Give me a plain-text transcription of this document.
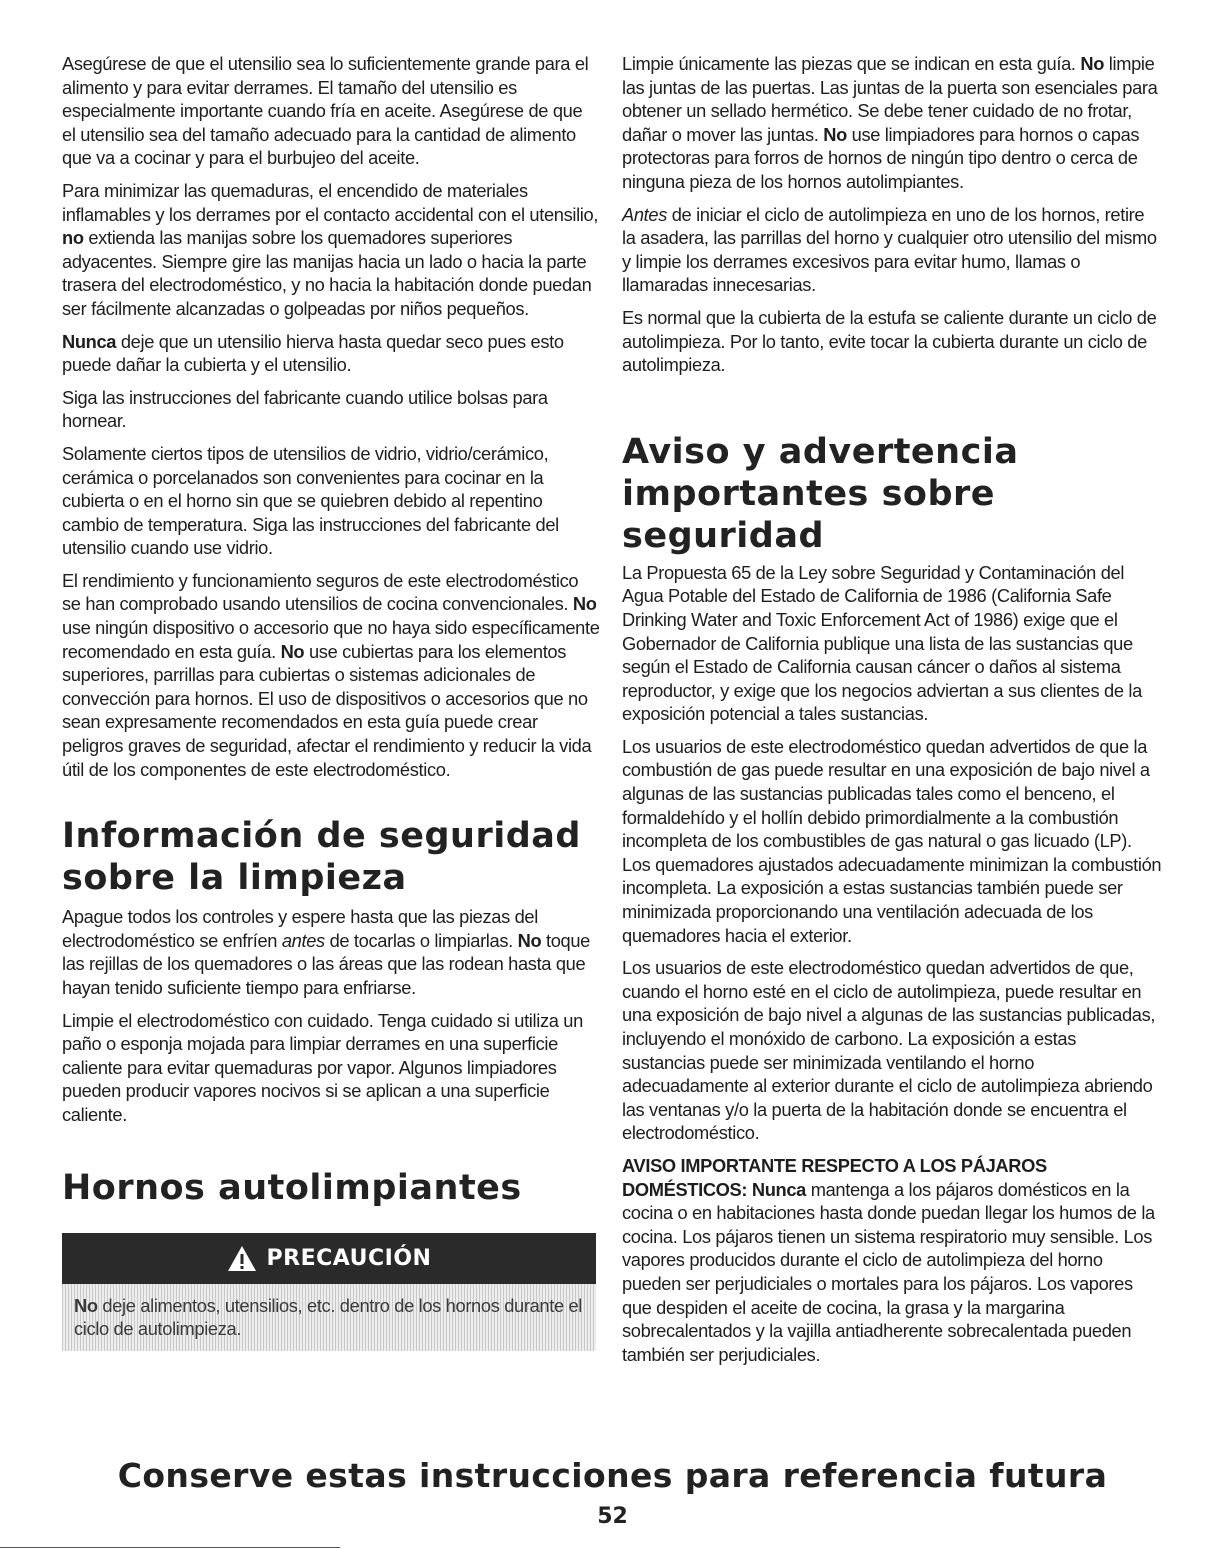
Asegúrese de que el utensilio sea lo suficientemente grande para el alimento y para evitar derrames. El tamaño del utensilio es especialmente importante cuando fría en aceite. Asegúrese de que el utensilio sea del tamaño adecuado para la cantidad de alimento que va a cocinar y para el burbujeo del aceite.

Para minimizar las quemaduras, el encendido de materiales inflamables y los derrames por el contacto accidental con el utensilio, no extienda las manijas sobre los quemadores superiores adyacentes. Siempre gire las manijas hacia un lado o hacia la parte trasera del electrodoméstico, y no hacia la habitación donde puedan ser fácilmente alcanzadas o golpeadas por niños pequeños.

Nunca deje que un utensilio hierva hasta quedar seco pues esto puede dañar la cubierta y el utensilio.

Siga las instrucciones del fabricante cuando utilice bolsas para hornear.

Solamente ciertos tipos de utensilios de vidrio, vidrio/cerámico, cerámica o porcelanados son convenientes para cocinar en la cubierta o en el horno sin que se quiebren debido al repentino cambio de temperatura. Siga las instrucciones del fabricante del utensilio cuando use vidrio.

El rendimiento y funcionamiento seguros de este electrodoméstico se han comprobado usando utensilios de cocina convencionales. No use ningún dispositivo o accesorio que no haya sido específicamente recomendado en esta guía. No use cubiertas para los elementos superiores, parrillas para cubiertas o sistemas adicionales de convección para hornos. El uso de dispositivos o accesorios que no sean expresamente recomendados en esta guía puede crear peligros graves de seguridad, afectar el rendimiento y reducir la vida útil de los componentes de este electrodoméstico.

Información de seguridad sobre la limpieza

Apague todos los controles y espere hasta que las piezas del electrodoméstico se enfríen antes de tocarlas o limpiarlas. No toque las rejillas de los quemadores o las áreas que las rodean hasta que hayan tenido suficiente tiempo para enfriarse.

Limpie el electrodoméstico con cuidado. Tenga cuidado si utiliza un paño o esponja mojada para limpiar derrames en una superficie caliente para evitar quemaduras por vapor. Algunos limpiadores pueden producir vapores nocivos si se aplican a una superficie caliente.

Hornos autolimpiantes
PRECAUCIÓN
No deje alimentos, utensilios, etc. dentro de los hornos durante el ciclo de autolimpieza.

Limpie únicamente las piezas que se indican en esta guía. No limpie las juntas de las puertas. Las juntas de la puerta son esenciales para obtener un sellado hermético. Se debe tener cuidado de no frotar, dañar o mover las juntas. No use limpiadores para hornos o capas protectoras para forros de hornos de ningún tipo dentro o cerca de ninguna pieza de los hornos autolimpiantes.

Antes de iniciar el ciclo de autolimpieza en uno de los hornos, retire la asadera, las parrillas del horno y cualquier otro utensilio del mismo y limpie los derrames excesivos para evitar humo, llamas o llamaradas innecesarias.

Es normal que la cubierta de la estufa se caliente durante un ciclo de autolimpieza. Por lo tanto, evite tocar la cubierta durante un ciclo de autolimpieza.

Aviso y advertencia importantes sobre seguridad

La Propuesta 65 de la Ley sobre Seguridad y Contaminación del Agua Potable del Estado de California de 1986 (California Safe Drinking Water and Toxic Enforcement Act of 1986) exige que el Gobernador de California publique una lista de las sustancias que según el Estado de California causan cáncer o daños al sistema reproductor, y exige que los negocios adviertan a sus clientes de la exposición potencial a tales sustancias.

Los usuarios de este electrodoméstico quedan advertidos de que la combustión de gas puede resultar en una exposición de bajo nivel a algunas de las sustancias publicadas tales como el benceno, el formaldehído y el hollín debido primordialmente a la combustión incompleta de los combustibles de gas natural o gas licuado (LP). Los quemadores ajustados adecuadamente minimizan la combustión incompleta. La exposición a estas sustancias también puede ser minimizada proporcionando una ventilación adecuada de los quemadores hacia el exterior.

Los usuarios de este electrodoméstico quedan advertidos de que, cuando el horno esté en el ciclo de autolimpieza, puede resultar en una exposición de bajo nivel a algunas de las sustancias publicadas, incluyendo el monóxido de carbono. La exposición a estas sustancias puede ser minimizada ventilando el horno adecuadamente al exterior durante el ciclo de autolimpieza abriendo las ventanas y/o la puerta de la habitación donde se encuentra el electrodoméstico.

AVISO IMPORTANTE RESPECTO A LOS PÁJAROS DOMÉSTICOS: Nunca mantenga a los pájaros domésticos en la cocina o en habitaciones hasta donde puedan llegar los humos de la cocina. Los pájaros tienen un sistema respiratorio muy sensible. Los vapores producidos durante el ciclo de autolimpieza del horno pueden ser perjudiciales o mortales para los pájaros. Los vapores que despiden el aceite de cocina, la grasa y la margarina sobrecalentados y la vajilla antiadherente sobrecalentada pueden también ser perjudiciales.

Conserve estas instrucciones para referencia futura
52
